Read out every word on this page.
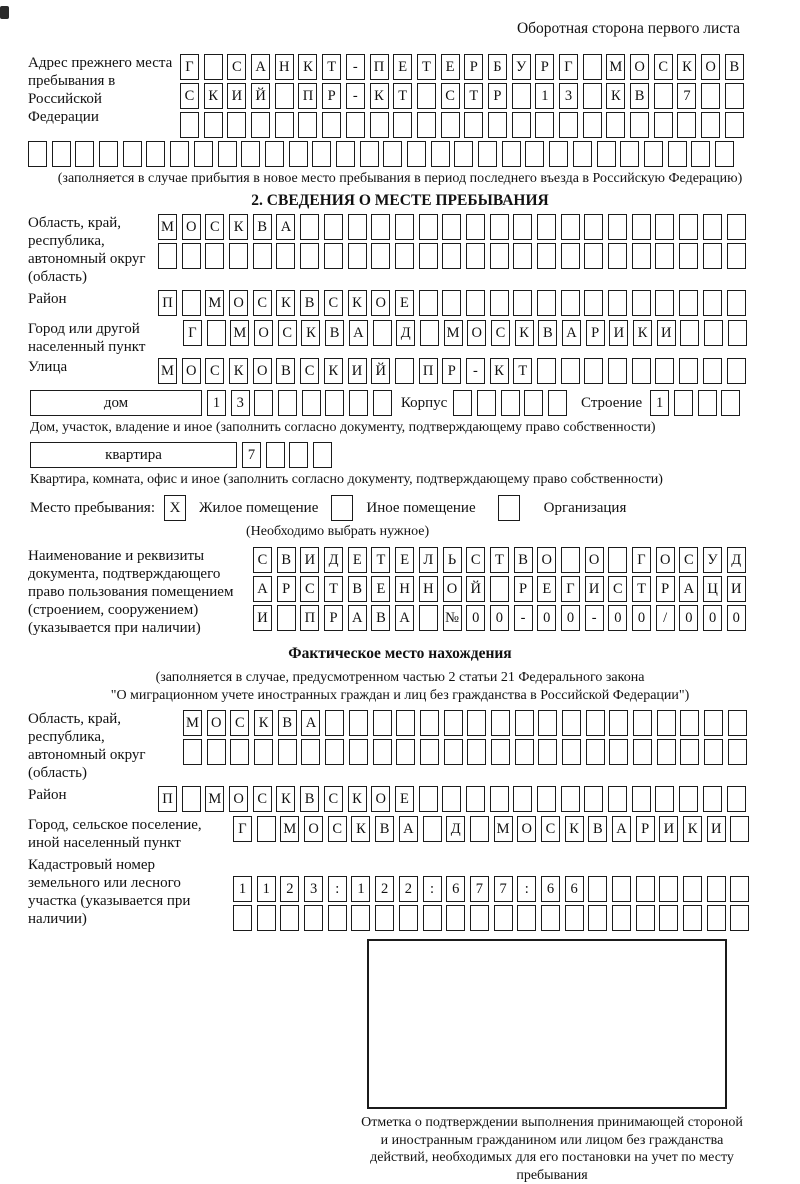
Оборотная сторона первого листа
Адрес прежнего места пребывания в Российской Федерации
Г	С А Н К Т	-	П Е	Т	Е	Р	Б У	Р	Г	М О С К О В
С К И Й	П Р	-	К Т	С Т	Р	1	3	К В	7
(заполняется в случае прибытия в новое место пребывания в период последнего въезда в Российскую Федерацию)
2. СВЕДЕНИЯ О МЕСТЕ ПРЕБЫВАНИЯ
Область, край, республика, автономный округ (область)
М О С К В А
Район	П М О С К В С К О Е
Город или другой населенный пункт
Г	М О С К В А	Д	М О С К В А Р И К И
Улица	М О С К О В С К И Й	П Р	-	К Т
дом	1	3	Корпус	Строение 1
Дом, участок, владение и иное (заполнить согласно документу, подтверждающему право собственности)
квартира	7
Квартира, комната, офис и иное (заполнить согласно документу, подтверждающему право собственности)
Место пребывания: X	Жилое помещение	Иное помещение	Организация
(Необходимо выбрать нужное)
Наименование и реквизиты документа, подтверждающего право пользования помещением (строением, сооружением) (указывается при наличии)
С В И Д Е	Т	Е Л	Ь	С Т В О	О	Г О С У Д
А Р	С Т В Е Н Н О Й	Р	Е	Г И С Т	Р А Ц И
И	П Р А В А № 0	0	-	0	0	-	0	0	/	0	0	0
Фактическое место нахождения
(заполняется в случае, предусмотренном частью 2 статьи 21 Федерального закона
"О миграционном учете иностранных граждан и лиц без гражданства в Российской Федерации")
Область, край, республика, автономный округ (область)
М О С К В А
Район	П М О С К В С К О Е
Город, сельское поселение, иной населенный пункт
Г	М О С К В А	Д	М О С К В А Р И К И
Кадастровый номер земельного или лесного участка (указывается при наличии)
1	1	2	3	:	1	2	2	:	6	7	7	:	6	6
Отметка о подтверждении выполнения принимающей стороной и иностранным гражданином или лицом без гражданства действий, необходимых для его постановки на учет по месту пребывания
